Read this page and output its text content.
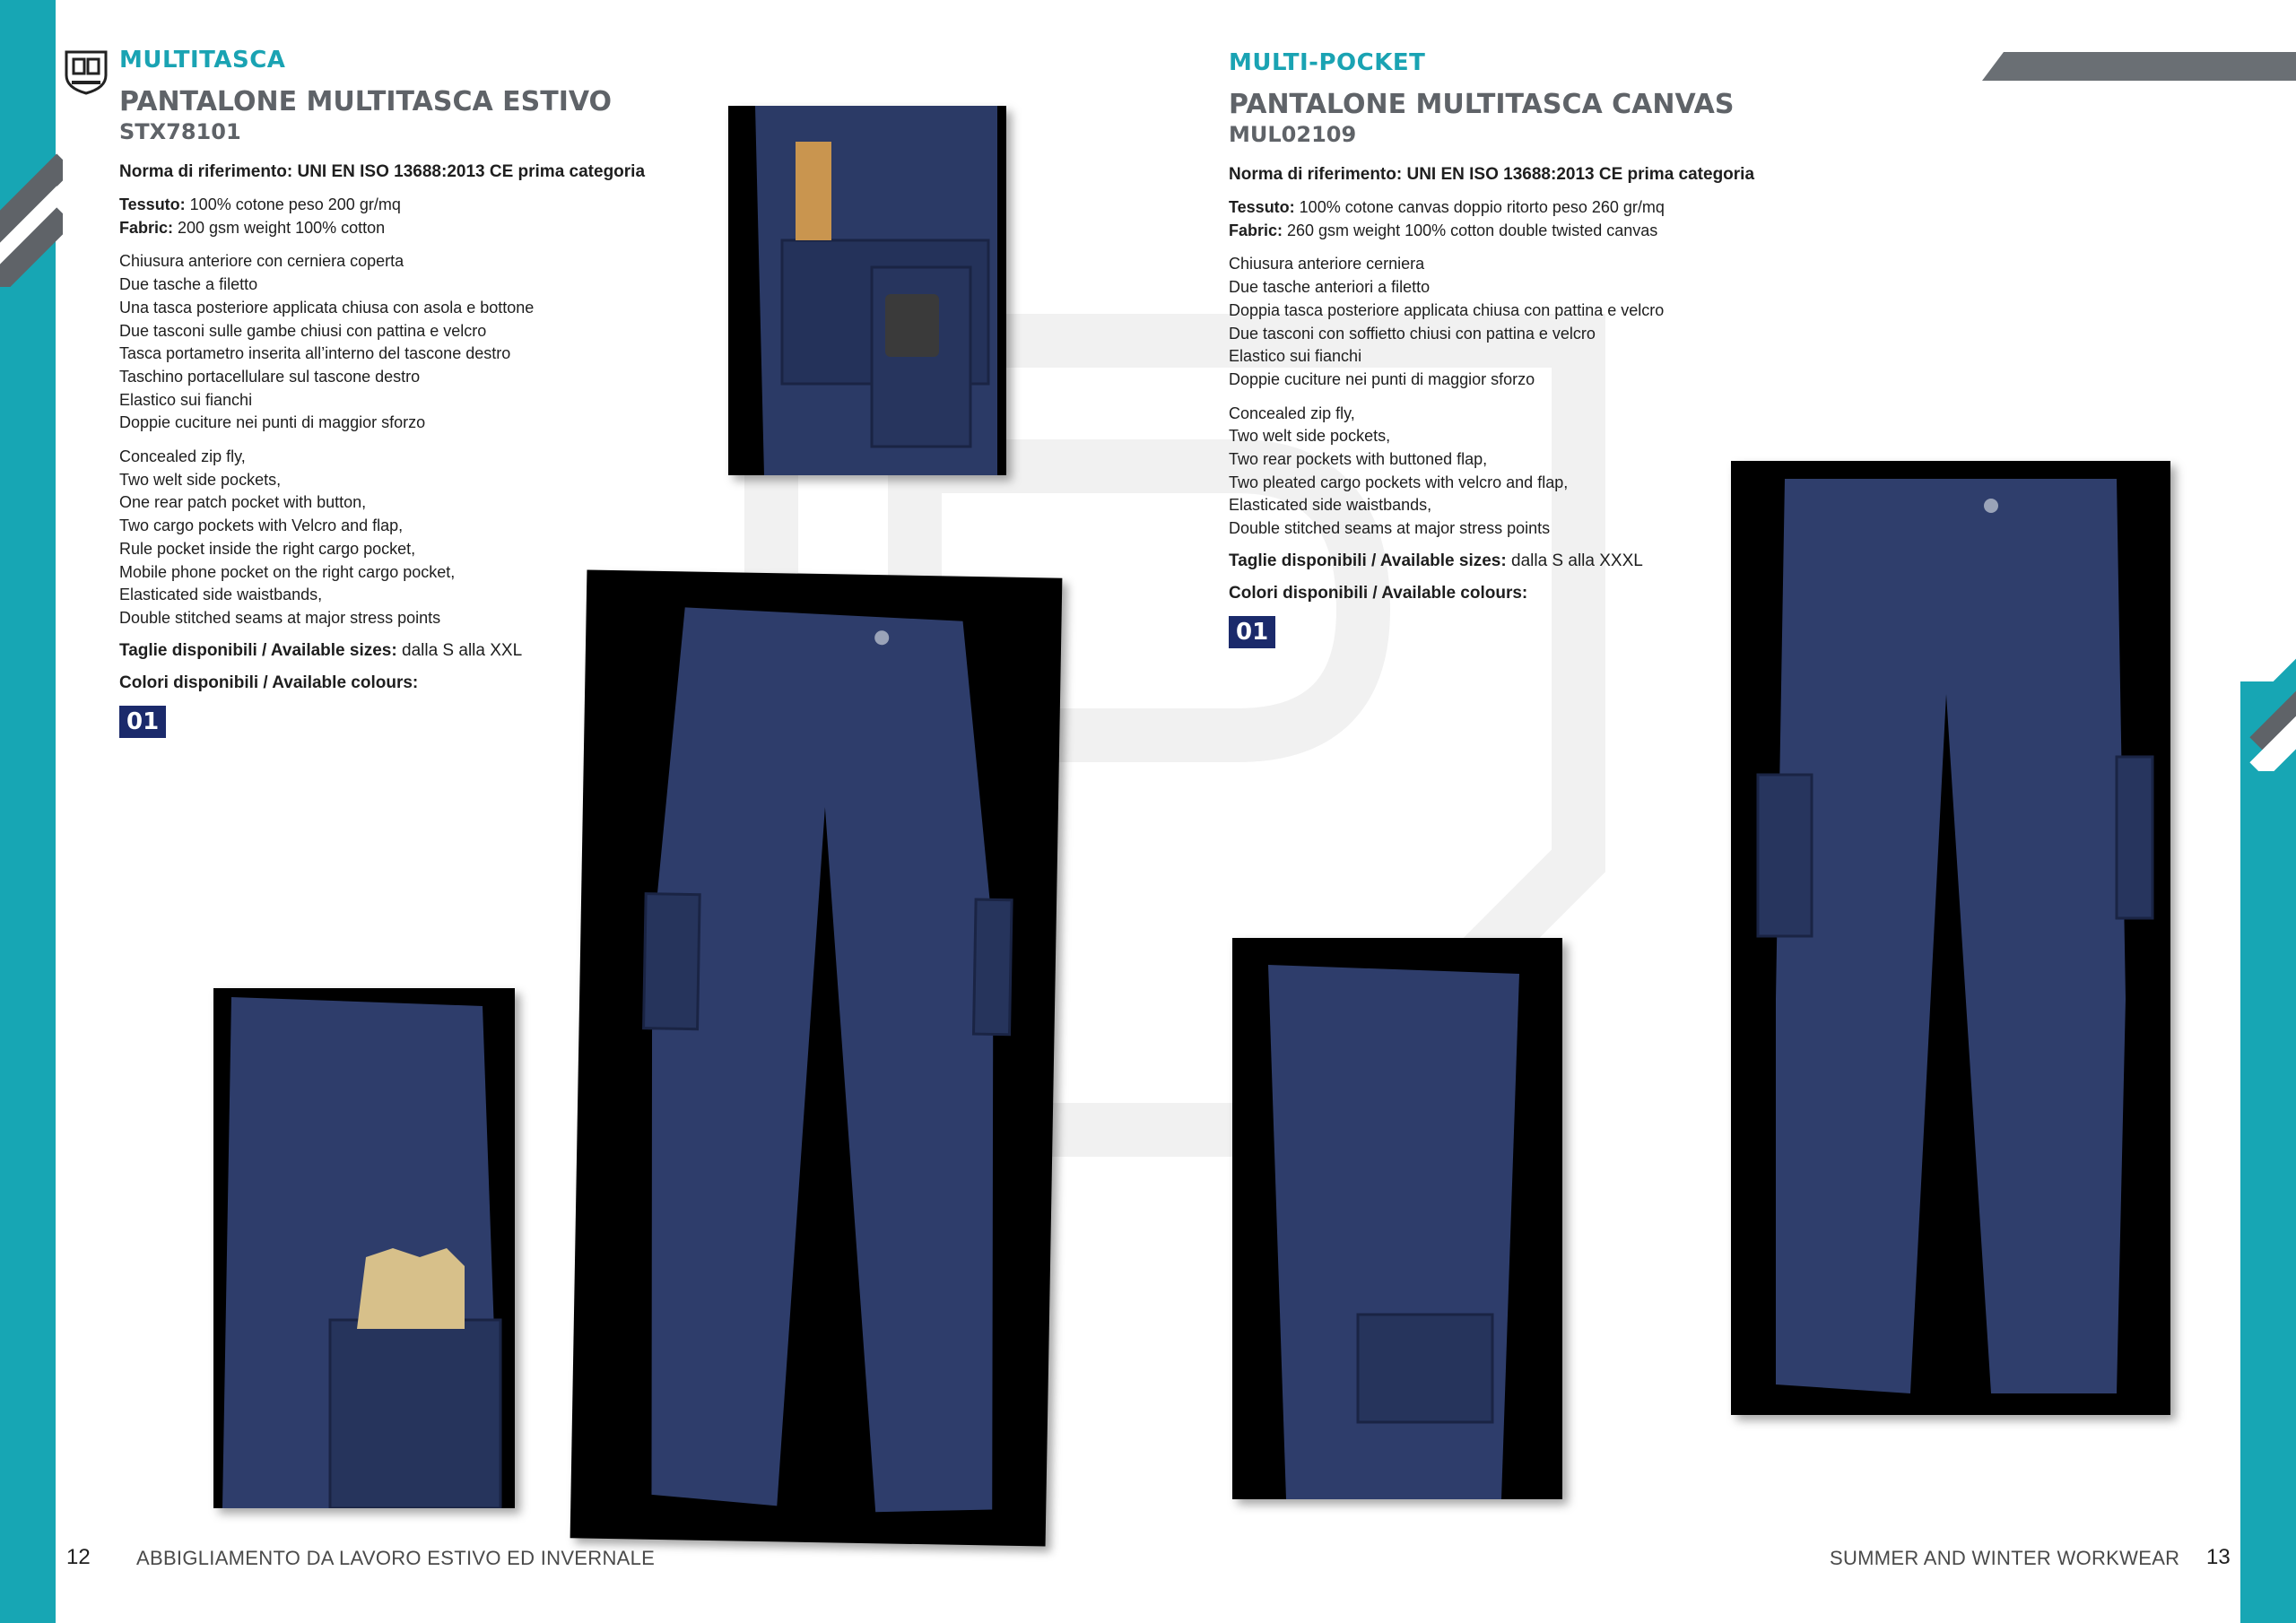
MULTITASCA
PANTALONE MULTITASCA ESTIVO
STX78101
Norma di riferimento: UNI EN ISO 13688:2013 CE prima categoria
Tessuto: 100% cotone peso 200 gr/mq
Fabric: 200 gsm weight 100% cotton
Chiusura anteriore con cerniera coperta
Due tasche a filetto
Una tasca posteriore applicata chiusa con asola e bottone
Due tasconi sulle gambe chiusi con pattina e velcro
Tasca portametro inserita all’interno del tascone destro
Taschino portacellulare sul tascone destro
Elastico sui fianchi
Doppie cuciture nei punti di maggior sforzo
Concealed zip fly,
Two welt side pockets,
One rear patch pocket with button,
Two cargo pockets with Velcro and flap,
Rule pocket inside the right cargo pocket,
Mobile phone pocket on the right cargo pocket,
Elasticated side waistbands,
Double stitched seams at major stress points
Taglie disponibili / Available sizes: dalla S alla XXL
Colori disponibili / Available colours:
01
MULTI-POCKET
PANTALONE MULTITASCA CANVAS
MUL02109
Norma di riferimento: UNI EN ISO 13688:2013 CE prima categoria
Tessuto: 100% cotone canvas doppio ritorto peso 260 gr/mq
Fabric: 260 gsm weight 100% cotton double twisted canvas
Chiusura anteriore cerniera
Due tasche anteriori a filetto
Doppia tasca posteriore applicata chiusa con pattina e velcro
Due tasconi con soffietto chiusi con pattina e velcro
Elastico sui fianchi
Doppie cuciture nei punti di maggior sforzo
Concealed zip fly,
Two welt side pockets,
Two rear pockets with buttoned flap,
Two pleated cargo pockets with velcro and flap,
Elasticated side waistbands,
Double stitched seams at major stress points
Taglie disponibili / Available sizes: dalla S alla XXXL
Colori disponibili / Available colours:
01
12 ABBIGLIAMENTO DA LAVORO ESTIVO ED INVERNALE	SUMMER AND WINTER WORKWEAR 13
